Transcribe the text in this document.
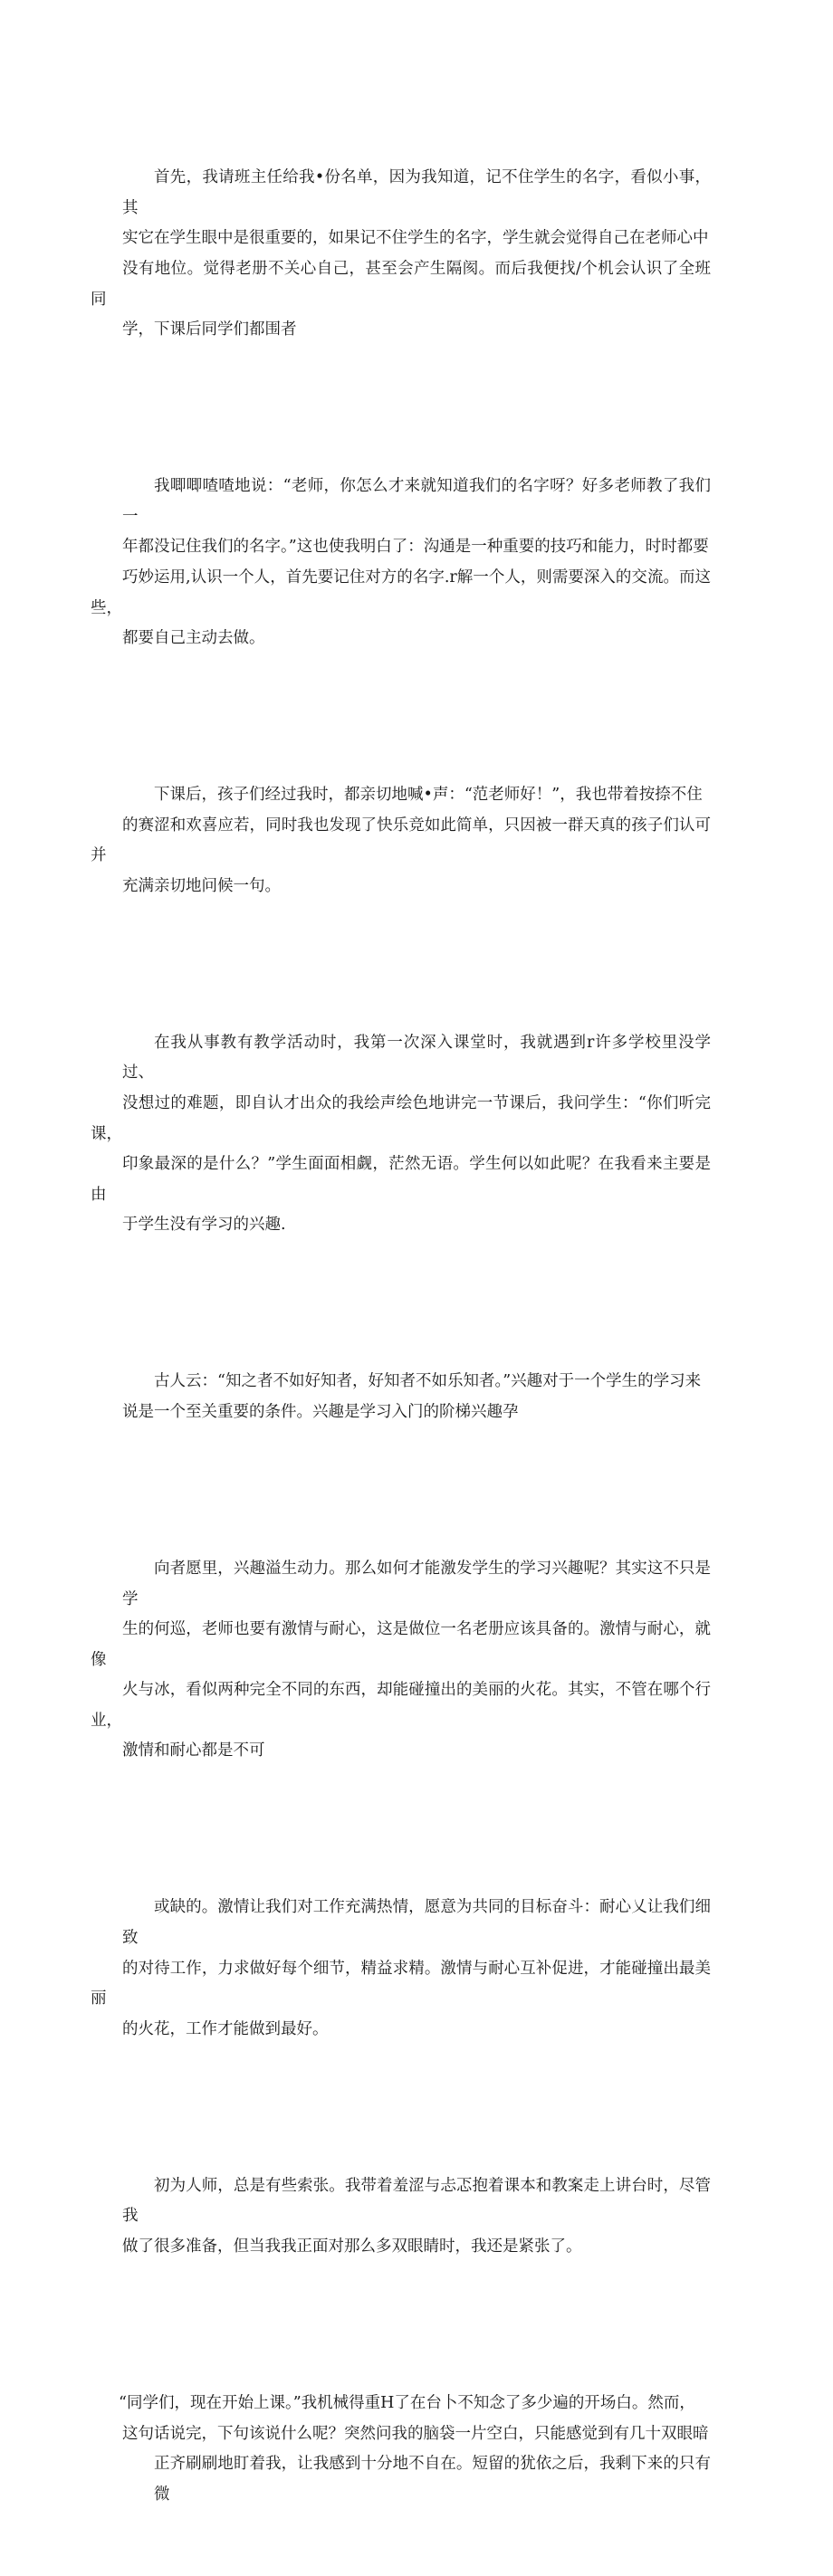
首先，我请班主任给我•份名单，因为我知道，记不住学生的名字，看似小事，其
实它在学生眼中是很重要的，如果记不住学生的名字，学生就会觉得自己在老师心中
没有地位。觉得老册不关心自己，甚至会产生隔阂。而后我便找/个机会认识了全班同
学，下课后同学们都围者

我唧唧喳喳地说：“老师，你怎么才来就知道我们的名字呀？好多老师教了我们一
年都没记住我们的名字。”这也使我明白了：沟通是一种重要的技巧和能力，时时都要
巧妙运用,认识一个人，首先要记住对方的名字.r解一个人，则需要深入的交流。而这些，
都要自己主动去做。

下课后，孩子们经过我时，都亲切地喊•声：“范老师好！”，我也带着按捺不住
的赛涩和欢喜应若，同时我也发现了快乐竞如此简单，只因被一群天真的孩子们认可并
充满亲切地问候一句。

在我从事教有教学活动时，我第一次深入课堂时，我就遇到r许多学校里没学过、
没想过的难题，即自认才出众的我绘声绘色地讲完一节课后，我问学生：“你们听完课，
印象最深的是什么？”学生面面相觑，茫然无语。学生何以如此呢？在我看来主要是由
于学生没有学习的兴趣.

古人云：“知之者不如好知者，好知者不如乐知者。”兴趣对于一个学生的学习来
说是一个至关重要的条件。兴趣是学习入门的阶梯兴趣孕

向者愿里，兴趣溢生动力。那么如何才能激发学生的学习兴趣呢？其实这不只是学
生的何巡，老师也要有激情与耐心，这是做位一名老册应该具备的。激情与耐心，就像
火与冰，看似两种完全不同的东西，却能碰撞出的美丽的火花。其实，不管在哪个行业，
激情和耐心都是不可

或缺的。激情让我们对工作充满热情，愿意为共同的目标奋斗：耐心乂让我们细致
的对待工作，力求做好每个细节，精益求精。激情与耐心互补促进，才能碰撞出最美丽
的火花，工作才能做到最好。

初为人师，总是有些索张。我带着羞涩与忐忑抱着课本和教案走上讲台时，尽管我
做了很多准备，但当我我正面对那么多双眼睛时，我还是紧张了。

“同学们，现在开始上课。”我机械得重H了在台卜不知念了多少遍的开场白。然而，
这句话说完，下句该说什么呢？突然问我的脑袋一片空白，只能感觉到有几十双眼暗
正齐刷刷地盯着我，让我感到十分地不自在。短留的犹依之后，我剩下来的只有微
